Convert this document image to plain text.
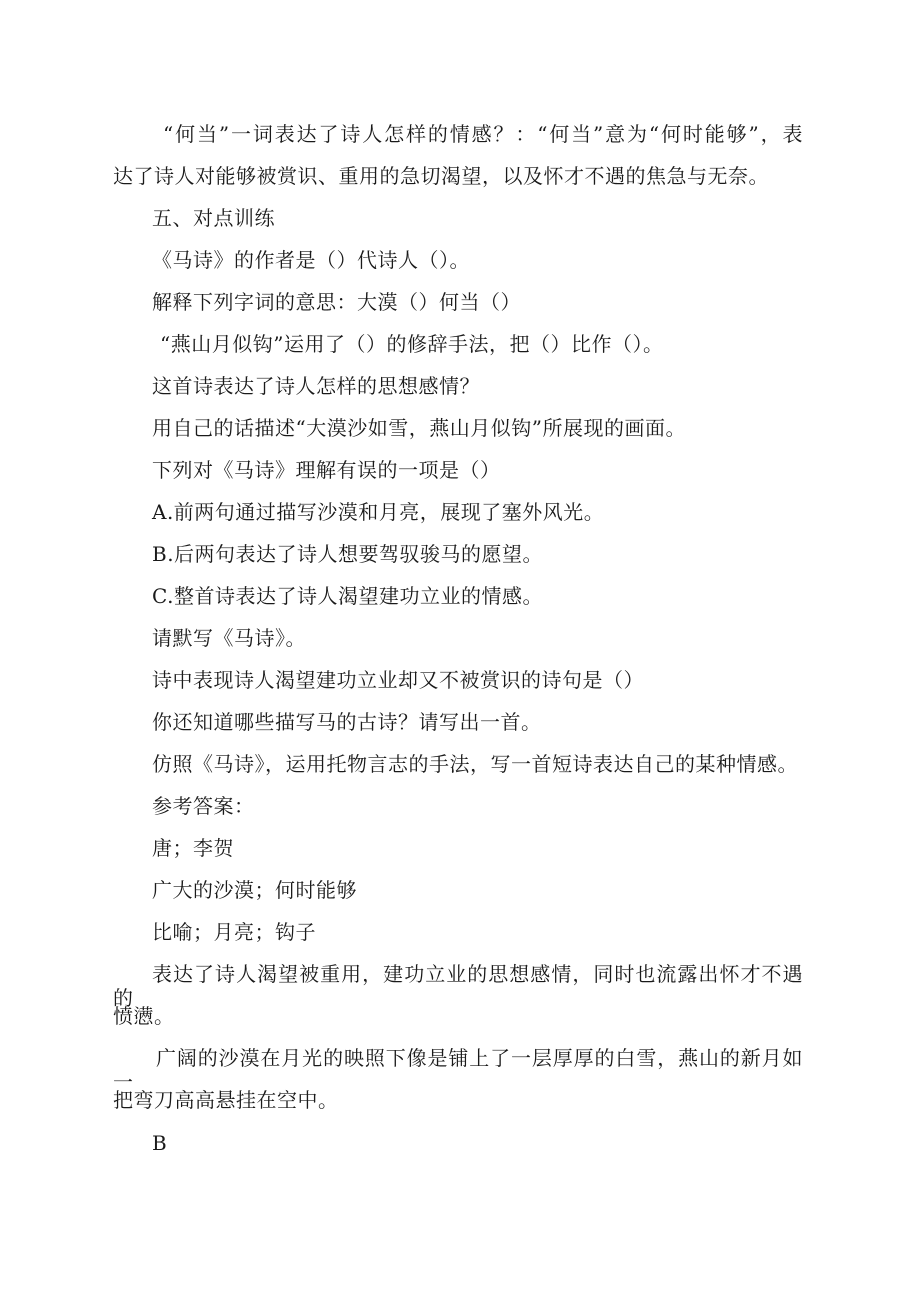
“何当”一词表达了诗人怎样的情感？：“何当”意为“何时能够”，表

达了诗人对能够被赏识、重用的急切渴望，以及怀才不遇的焦急与无奈。

五、对点训练

《马诗》的作者是（）代诗人（）。

解释下列字词的意思：大漠（）何当（）

“燕山月似钩”运用了（）的修辞手法，把（）比作（）。

这首诗表达了诗人怎样的思想感情？

用自己的话描述“大漠沙如雪，燕山月似钩”所展现的画面。

下列对《马诗》理解有误的一项是（）

A.前两句通过描写沙漠和月亮，展现了塞外风光。

B.后两句表达了诗人想要驾驭骏马的愿望。

C.整首诗表达了诗人渴望建功立业的情感。

请默写《马诗》。

诗中表现诗人渴望建功立业却又不被赏识的诗句是（）

你还知道哪些描写马的古诗？请写出一首。

仿照《马诗》，运用托物言志的手法，写一首短诗表达自己的某种情感。

参考答案：

唐；李贺

广大的沙漠；何时能够

比喻；月亮；钩子

表达了诗人渴望被重用，建功立业的思想感情，同时也流露出怀才不遇的

愤懑。

广阔的沙漠在月光的映照下像是铺上了一层厚厚的白雪，燕山的新月如一

把弯刀高高悬挂在空中。

B
